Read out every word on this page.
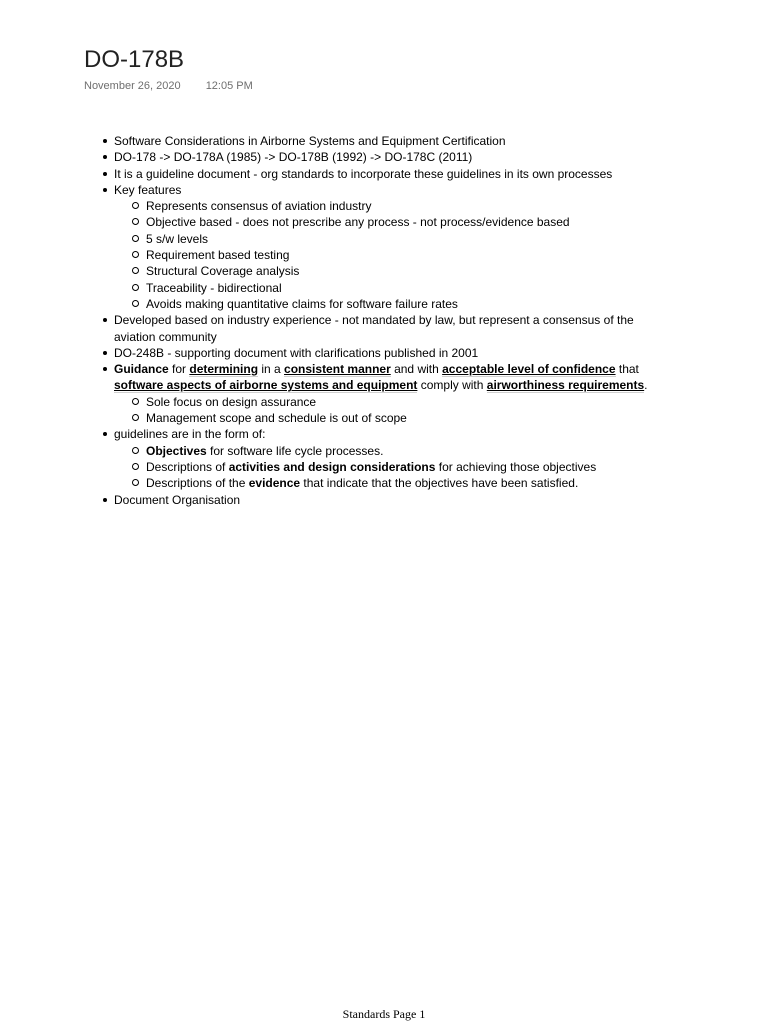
DO-178B
November 26, 2020 12:05 PM
Software Considerations in Airborne Systems and Equipment Certification
DO-178 -> DO-178A (1985) -> DO-178B (1992) -> DO-178C (2011)
It is a guideline document - org standards to incorporate these guidelines in its own processes
Key features
Represents consensus of aviation industry
Objective based - does not prescribe any process - not process/evidence based
5 s/w levels
Requirement based testing
Structural Coverage analysis
Traceability - bidirectional
Avoids making quantitative claims for software failure rates
Developed based on industry experience - not mandated by law, but represent a consensus of the aviation community
DO-248B - supporting document with clarifications published in 2001
Guidance for determining in a consistent manner and with acceptable level of confidence that software aspects of airborne systems and equipment comply with airworthiness requirements.
Sole focus on design assurance
Management scope and schedule is out of scope
guidelines are in the form of:
Objectives for software life cycle processes.
Descriptions of activities and design considerations for achieving those objectives
Descriptions of the evidence that indicate that the objectives have been satisfied.
Document Organisation
Standards Page 1
